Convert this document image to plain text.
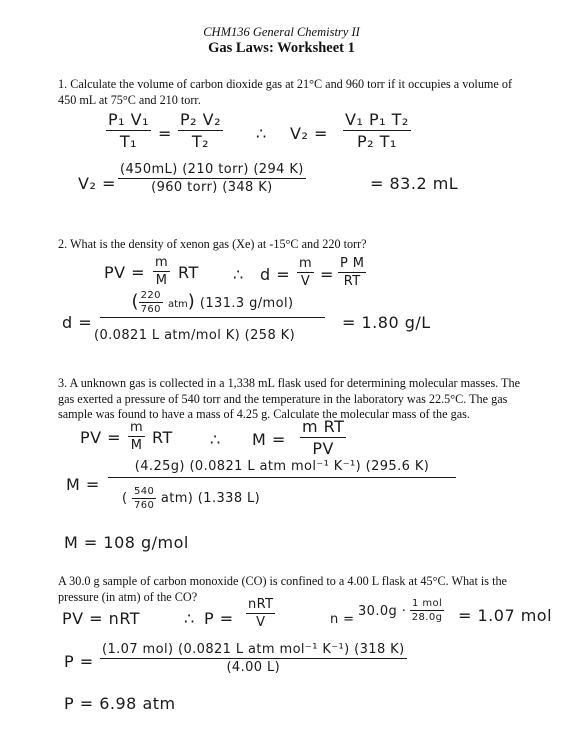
CHM136 General Chemistry II
Gas Laws: Worksheet 1
1. Calculate the volume of carbon dioxide gas at 21°C and 960 torr if it occupies a volume of 450 mL at 75°C and 210 torr.
$\frac{\text{P₁ V₁}}{\text{T₁}} = \frac{\text{P₂ V₂}}{\text{T₂}}$ ∴ $V_2 = \frac{\text{V₁ P₁ T₂}}{\text{P₂ T₁}}$
V₂ =
(450mL) (210 torr) (294 K)
(960 torr) (348 K)	= 83.2 mL
2. What is the density of xenon gas (Xe) at -15°C and 220 torr?
PV = $\frac{m}{M}$ RT ∴ $d = \frac{m}{V} = \frac{\text{P M}}{RT}$
d =
( $\frac{220}{760} atm$) (131.3 g/mol)
(0.0821 L atm/mol K) (258 K)
= 1.80 g/L
3. A unknown gas is collected in a 1,338 mL flask used for determining molecular masses. The gas exerted a pressure of 540 torr and the temperature in the laboratory was 22.5°C. The gas sample was found to have a mass of 4.25 g. Calculate the molecular mass of the gas.
PV = $\frac{m}{M}$ RT ∴ $M = \frac{\text{m RT}}{PV}$
M =
(4.25g) (0.0821 L atm mol⁻¹ K⁻¹) (295.6 K)
( $\frac{540}{760} atm$) (1.338 L)
M = 108 g/mol
A 30.0 g sample of carbon monoxide (CO) is confined to a 4.00 L flask at 45°C. What is the pressure (in atm) of the CO?
PV = nRT	∴ P =
nRT
V	n =
30.0g ·
1 mol
28.0g = 1.07 mol
P =
(1.07 mol) (0.0821 L atm mol⁻¹ K⁻¹) (318 K)
(4.00 L)
P = 6.98 atm
